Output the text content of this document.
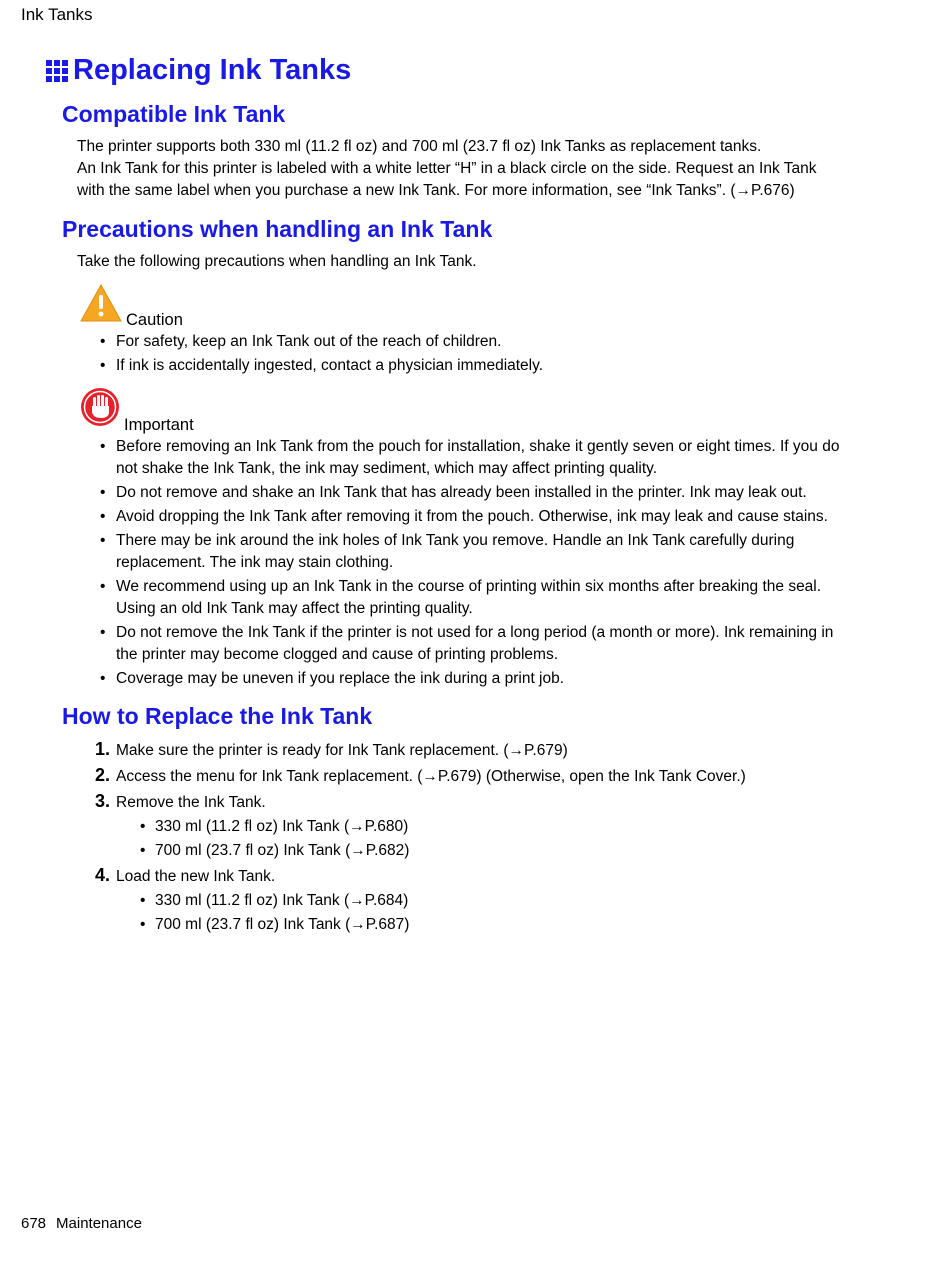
Ink Tanks
Replacing Ink Tanks
Compatible Ink Tank

The printer supports both 330 ml (11.2 fl oz) and 700 ml (23.7 fl oz) Ink Tanks as replacement tanks.

An Ink Tank for this printer is labeled with a white letter “H” in a black circle on the side. Request an Ink Tank with the same label when you purchase a new Ink Tank. For more information, see “Ink Tanks”. (→P.676)

Precautions when handling an Ink Tank

Take the following precautions when handling an Ink Tank.

Caution
• For safety, keep an Ink Tank out of the reach of children.
• If ink is accidentally ingested, contact a physician immediately.
Important
• Before removing an Ink Tank from the pouch for installation, shake it gently seven or eight times. If you do not shake the Ink Tank, the ink may sediment, which may affect printing quality.
• Do not remove and shake an Ink Tank that has already been installed in the printer. Ink may leak out.
• Avoid dropping the Ink Tank after removing it from the pouch. Otherwise, ink may leak and cause stains.
• There may be ink around the ink holes of Ink Tank you remove. Handle an Ink Tank carefully during replacement. The ink may stain clothing.
• We recommend using up an Ink Tank in the course of printing within six months after breaking the seal. Using an old Ink Tank may affect the printing quality.
• Do not remove the Ink Tank if the printer is not used for a long period (a month or more). Ink remaining in the printer may become clogged and cause of printing problems.
• Coverage may be uneven if you replace the ink during a print job.
How to Replace the Ink Tank
1. Make sure the printer is ready for Ink Tank replacement. (→P.679)
2. Access the menu for Ink Tank replacement. (→P.679) (Otherwise, open the Ink Tank Cover.)
3. Remove the Ink Tank.
• 330 ml (11.2 fl oz) Ink Tank (→P.680)
• 700 ml (23.7 fl oz) Ink Tank (→P.682)
4. Load the new Ink Tank.
• 330 ml (11.2 fl oz) Ink Tank (→P.684)
• 700 ml (23.7 fl oz) Ink Tank (→P.687)
678 Maintenance
